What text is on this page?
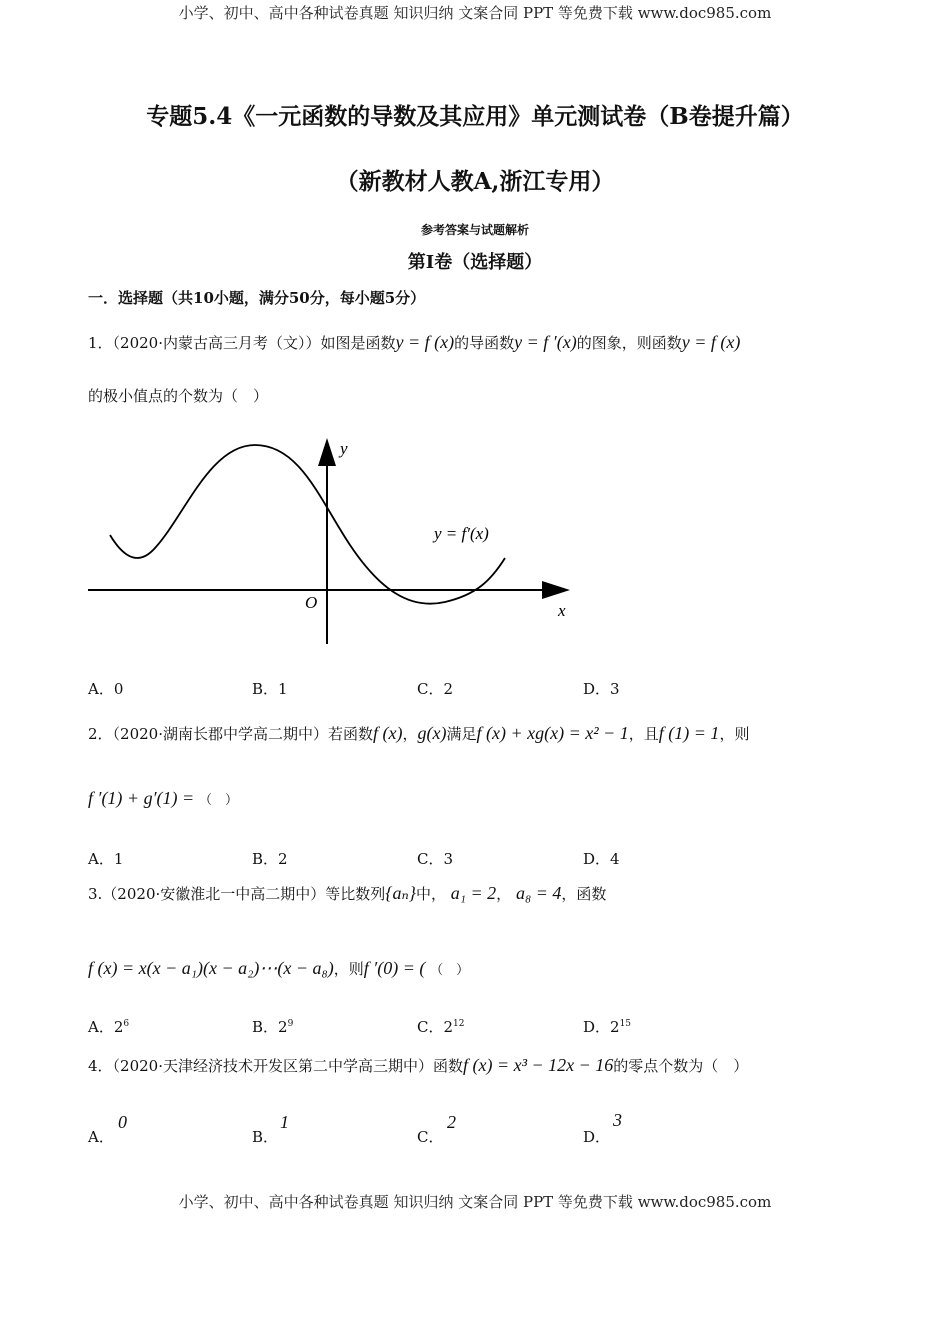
小学、初中、高中各种试卷真题 知识归纳 文案合同 PPT 等免费下载 www.doc985.com
专题5.4《一元函数的导数及其应用》单元测试卷（B卷提升篇）
（新教材人教A,浙江专用）
参考答案与试题解析
第Ⅰ卷（选择题）
一．选择题（共10小题，满分50分，每小题5分）
1．（2020·内蒙古高三月考（文））如图是函数y = f (x)的导函数y = f ′(x)的图象，则函数y = f (x)
的极小值点的个数为（　）
y
x
O
y = f′(x)
A．0	B．1	C．2	D．3
2．（2020·湖南长郡中学高二期中）若函数f (x)，g(x)满足f (x) + xg(x) = x² − 1，且f (1) = 1，则
f ′(1) + g′(1) = （　）
A．1	B．2	C．3	D．4
3.（2020·安徽淮北一中高二期中）等比数列{aₙ}中， a₁ = 2， a₈ = 4，函数
f (x) = x(x − a₁)(x − a₂)⋯(x − a₈)，则f ′(0) = ( （　）
A．$2^6$	B．$2^9$	C．$2^{12}$	D．$2^{15}$
4．（2020·天津经济技术开发区第二中学高三期中）函数f (x) = x³ − 12x − 16的零点个数为（　）
A．
0
B．
1
C．
2
D．
3
小学、初中、高中各种试卷真题 知识归纳 文案合同 PPT 等免费下载 www.doc985.com
